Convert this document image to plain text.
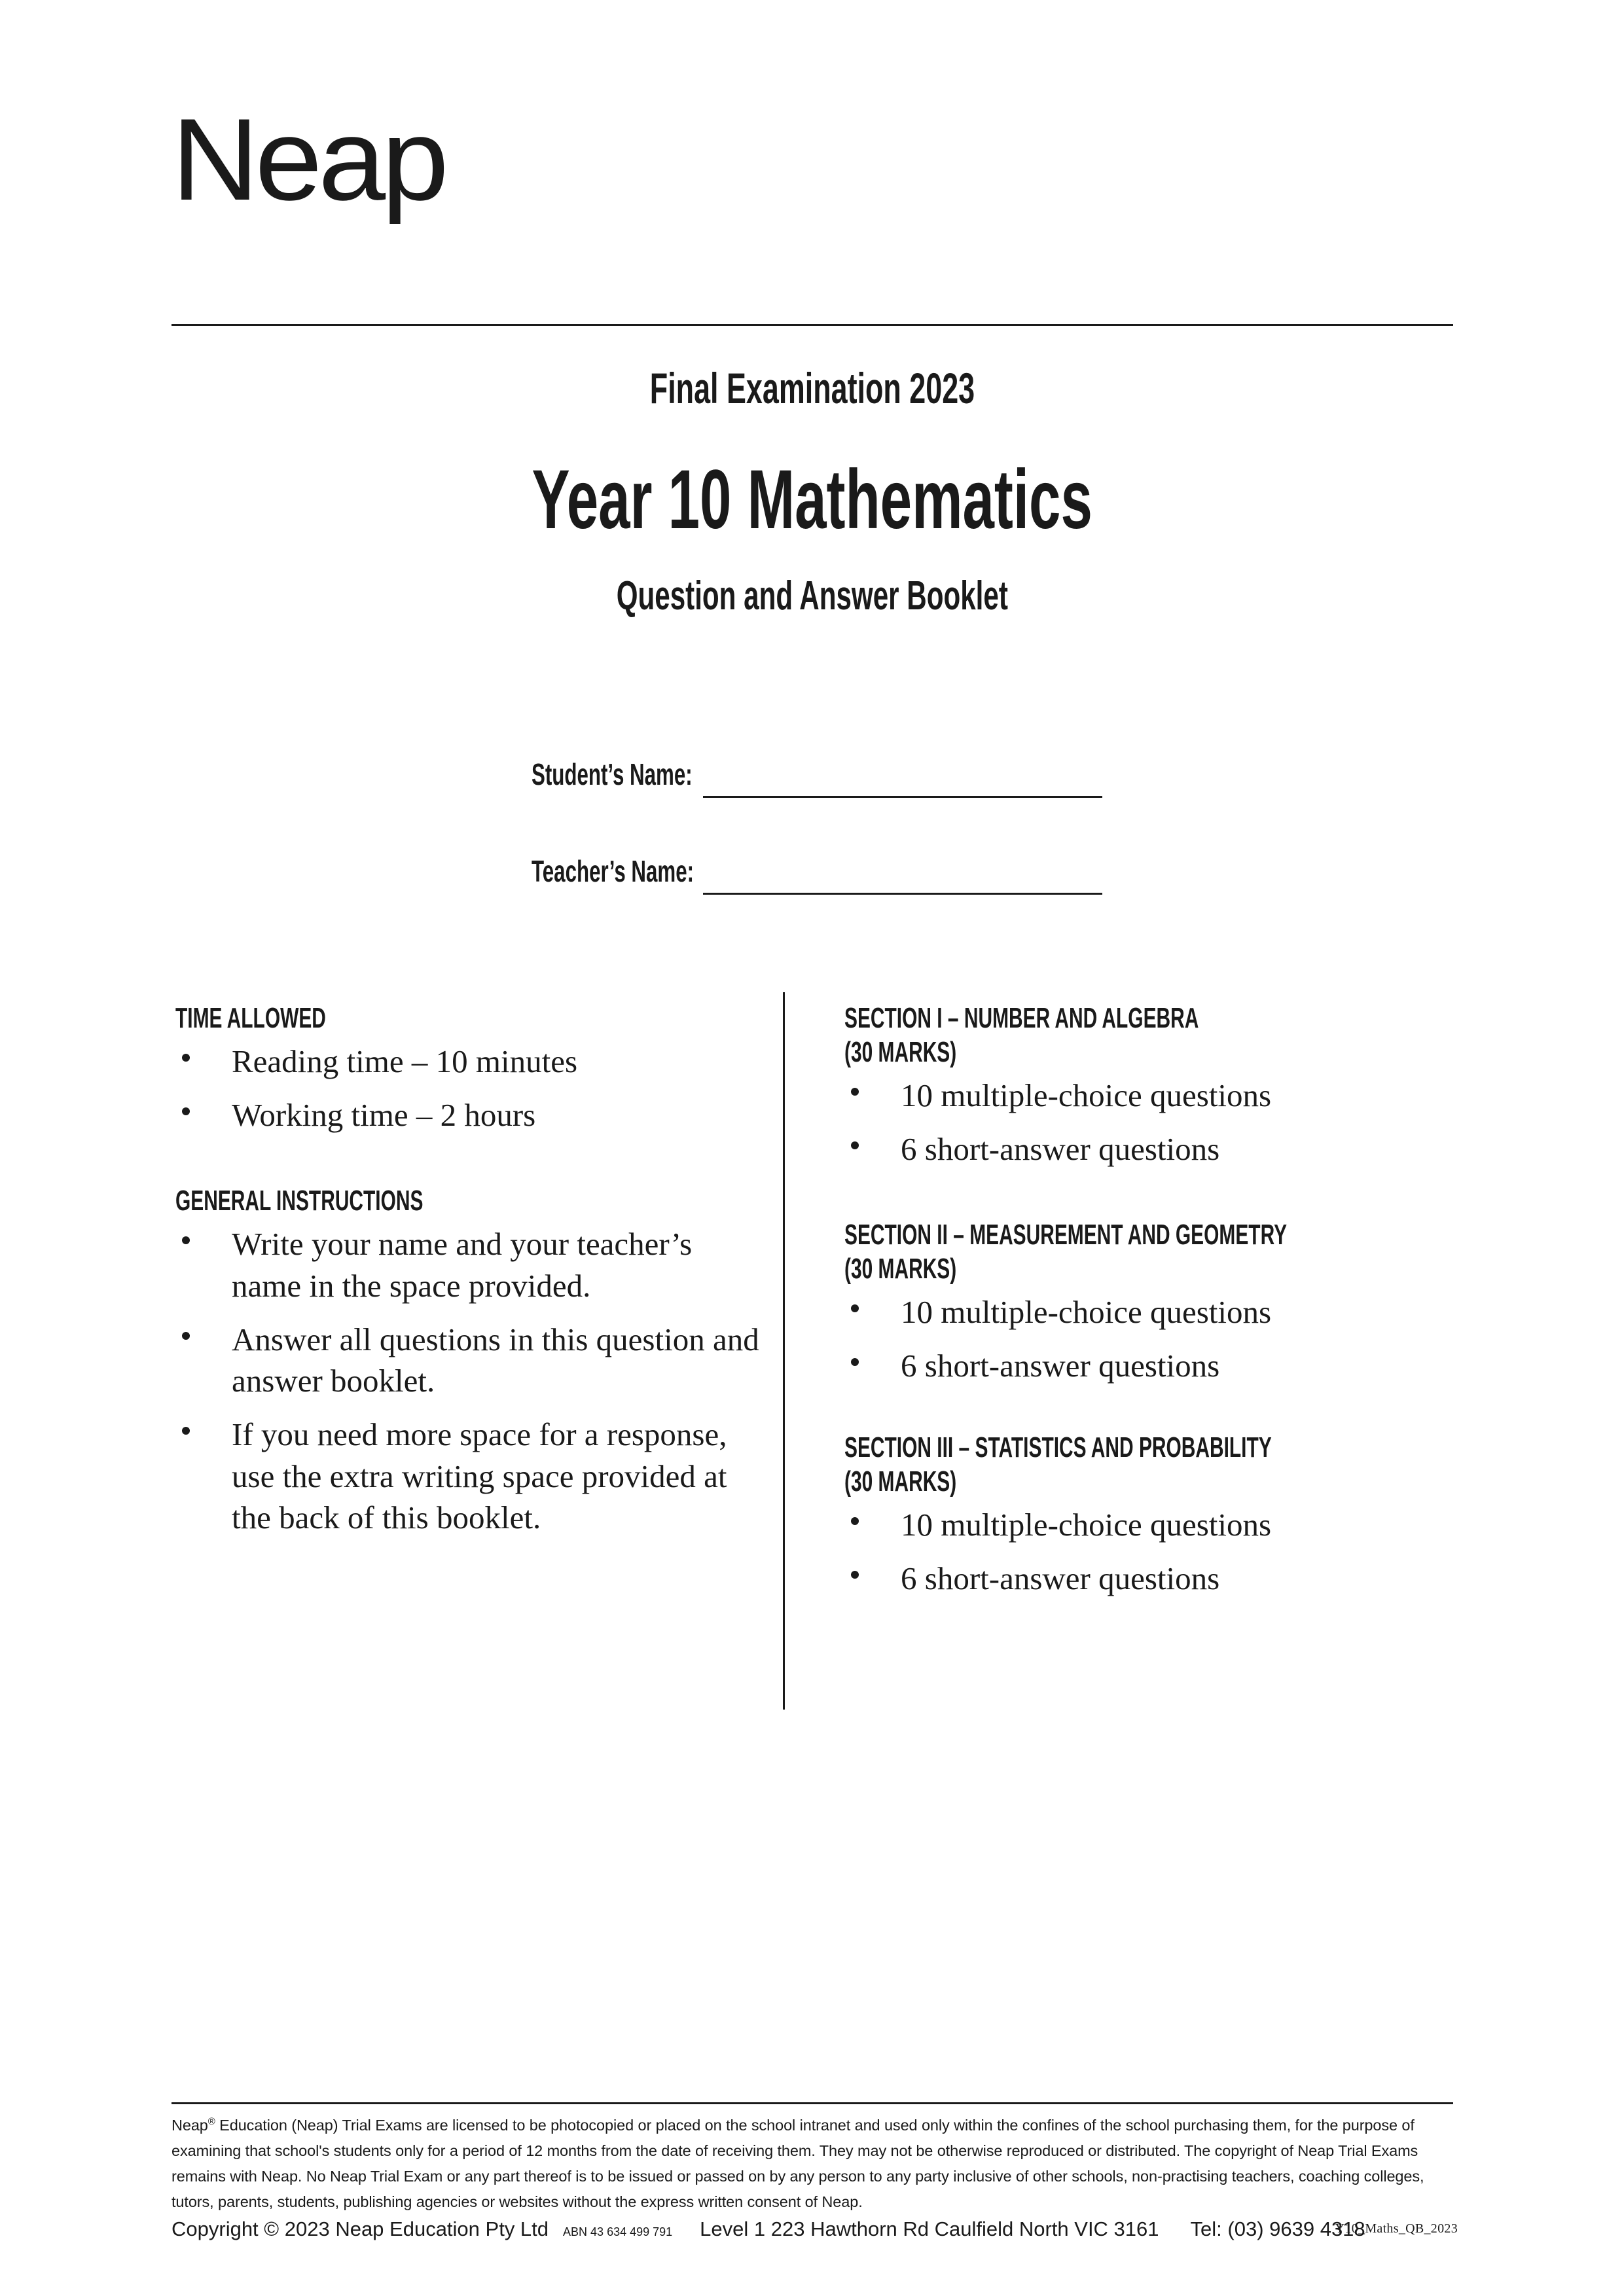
Neap
Final Examination 2023
Year 10 Mathematics
Question and Answer Booklet
Student’s Name:
Teacher’s Name:
TIME ALLOWED
Reading time – 10 minutes
Working time – 2 hours
GENERAL INSTRUCTIONS
Write your name and your teacher’s name in the space provided.
Answer all questions in this question and answer booklet.
If you need more space for a response, use the extra writing space provided at the back of this booklet.
SECTION I – NUMBER AND ALGEBRA
(30 MARKS)
10 multiple-choice questions
6 short-answer questions
SECTION II – MEASUREMENT AND GEOMETRY
(30 MARKS)
10 multiple-choice questions
6 short-answer questions
SECTION III – STATISTICS AND PROBABILITY
(30 MARKS)
10 multiple-choice questions
6 short-answer questions
Neap® Education (Neap) Trial Exams are licensed to be photocopied or placed on the school intranet and used only within the confines of the school purchasing them, for the purpose of examining that school's students only for a period of 12 months from the date of receiving them. They may not be otherwise reproduced or distributed. The copyright of Neap Trial Exams remains with Neap. No Neap Trial Exam or any part thereof is to be issued or passed on by any person to any party inclusive of other schools, non-practising teachers, coaching colleges, tutors, parents, students, publishing agencies or websites without the express written consent of Neap.
Copyright © 2023 Neap Education Pty Ltd ABN 43 634 499 791 Level 1 223 Hawthorn Rd Caulfield North VIC 3161 Tel: (03) 9639 4318
Y10_Maths_QB_2023
